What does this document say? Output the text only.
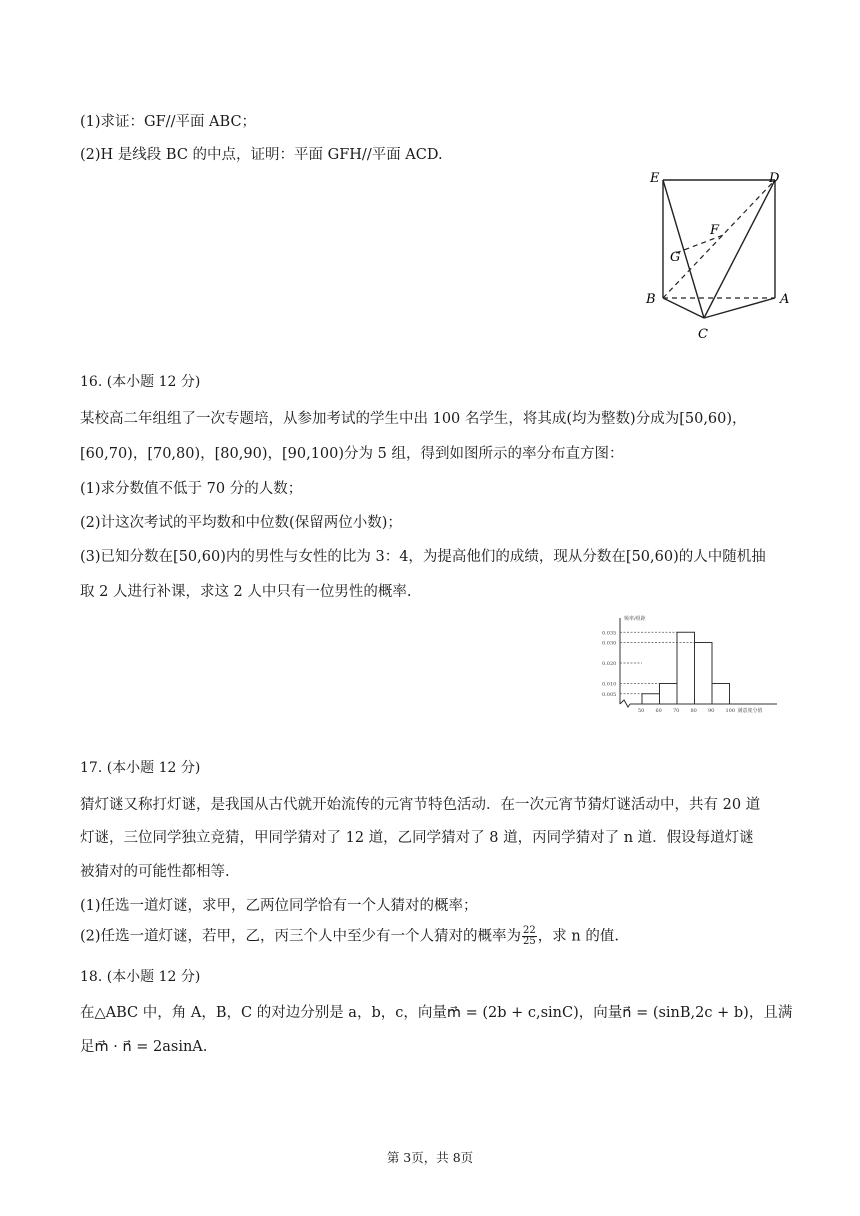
(1)求证：GF//平面 ABC；
(2)H 是线段 BC 的中点，证明：平面 GFH//平面 ACD.
E	D
F
G
B	A
C
16. (本小题 12 分)
某校高二年组组了一次专题培，从参加考试的学生中出 100 名学生，将其成(均为整数)分成为[50,60)，
[60,70)，[70,80)，[80,90)，[90,100)分为 5 组，得到如图所示的率分布直方图：
(1)求分数值不低于 70 分的人数；
(2)计这次考试的平均数和中位数(保留两位小数)；
(3)已知分数在[50,60)内的男性与女性的比为 3：4，为提高他们的成绩，现从分数在[50,60)的人中随机抽
取 2 人进行补课，求这 2 人中只有一位男性的概率.
频率/组距
0.035
0.030
0.020
0.010
0.005
50 60 70 80 90 100 满意度分值
17. (本小题 12 分)
猜灯谜又称打灯谜，是我国从古代就开始流传的元宵节特色活动．在一次元宵节猜灯谜活动中，共有 20 道
灯谜，三位同学独立竞猜，甲同学猜对了 12 道，乙同学猜对了 8 道，丙同学猜对了 n 道．假设每道灯谜
被猜对的可能性都相等.
(1)任选一道灯谜，求甲，乙两位同学恰有一个人猜对的概率；
(2)任选一道灯谜，若甲，乙，丙三个人中至少有一个人猜对的概率为 $\frac{22}{25}$ ，求 n 的值.
18. (本小题 12 分)
在△ABC 中，角 A，B，C 的对边分别是 a，b，c，向量m⃗ = (2b + c,sinC)，向量n⃗ = (sinB,2c + b)，且满
足m⃗ · n⃗ = 2asinA.
第 3页，共 8页
